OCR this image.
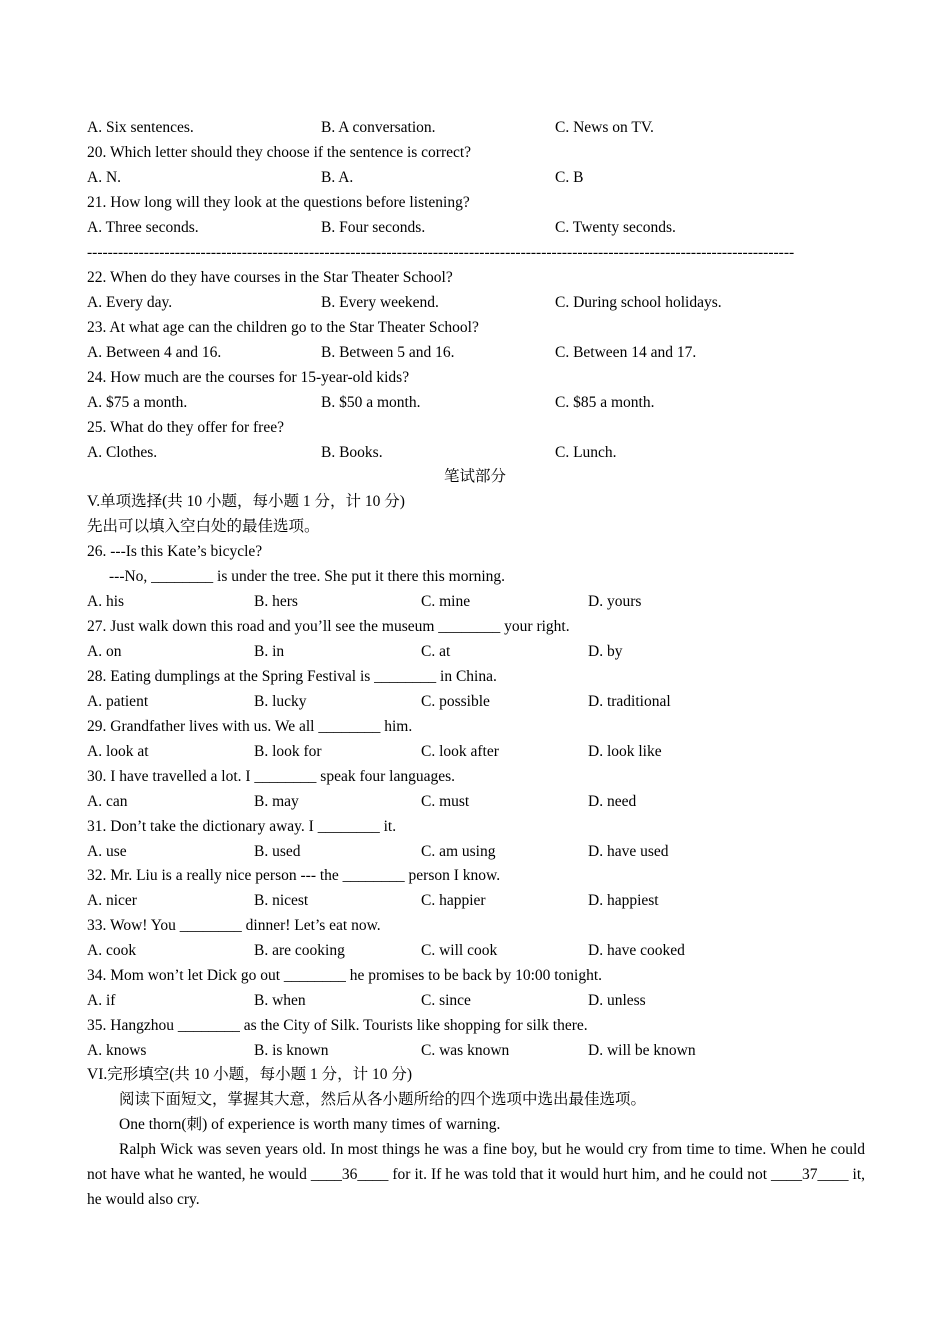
A. Six sentences.	B. A conversation.	C. News on TV.
20. Which letter should they choose if the sentence is correct?
A. N.	B. A.	C. B
21. How long will they look at the questions before listening?
A. Three seconds.	B. Four seconds.	C. Twenty seconds.
-----------------------------------------------------------------------------------------------------------------------------------------
22. When do they have courses in the Star Theater School?
A. Every day.	B. Every weekend.	C. During school holidays.
23. At what age can the children go to the Star Theater School?
A. Between 4 and 16.	B. Between 5 and 16.	C. Between 14 and 17.
24. How much are the courses for 15-year-old kids?
A. $75 a month.	B. $50 a month.	C. $85 a month.
25. What do they offer for free?
A. Clothes.	B. Books.	C. Lunch.
笔试部分
V.单项选择(共 10 小题，每小题 1 分，计 10 分)
先出可以填入空白处的最佳选项。
26. ---Is this Kate’s bicycle?
---No, ________ is under the tree. She put it there this morning.
A. his	B. hers	C. mine	D. yours
27. Just walk down this road and you’ll see the museum ________ your right.
A. on	B. in	C. at	D. by
28. Eating dumplings at the Spring Festival is ________ in China.
A. patient	B. lucky	C. possible	D. traditional
29. Grandfather lives with us. We all ________ him.
A. look at	B. look for	C. look after	D. look like
30. I have travelled a lot. I ________ speak four languages.
A. can	B. may	C. must	D. need
31. Don’t take the dictionary away. I ________ it.
A. use	B. used	C. am using	D. have used
32. Mr. Liu is a really nice person --- the ________ person I know.
A. nicer	B. nicest	C. happier	D. happiest
33. Wow! You ________ dinner! Let’s eat now.
A. cook	B. are cooking	C. will cook	D. have cooked
34. Mom won’t let Dick go out ________ he promises to be back by 10:00 tonight.
A. if	B. when	C. since	D. unless
35. Hangzhou ________ as the City of Silk. Tourists like shopping for silk there.
A. knows	B. is known	C. was known	D. will be known
VI.完形填空(共 10 小题，每小题 1 分，计 10 分)
阅读下面短文，掌握其大意，然后从各小题所给的四个选项中选出最佳选项。
One thorn(刺) of experience is worth many times of warning.
Ralph Wick was seven years old. In most things he was a fine boy, but he would cry from time to time. When he could not have what he wanted, he would ____36____ for it. If he was told that it would hurt him, and he could not ____37____ it, he would also cry.
